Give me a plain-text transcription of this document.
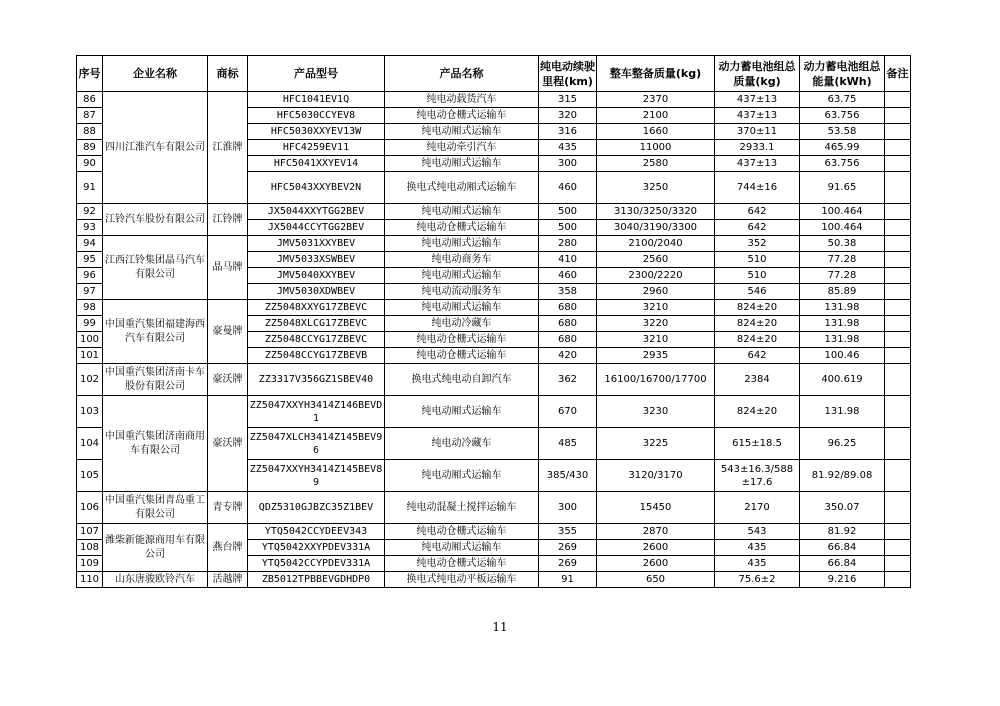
序号	企业名称	商标	产品型号	产品名称	纯电动续驶里程(km)	整车整备质量(kg)	动力蓄电池组总质量(kg)	动力蓄电池组总能量(kWh)	备注
86	四川江淮汽车有限公司	江淮牌	HFC1041EV1Q	纯电动载货汽车	315	2370	437±13	63.75	
87			HFC5030CCYEV8	纯电动仓栅式运输车	320	2100	437±13	63.756	
88			HFC5030XXYEV13W	纯电动厢式运输车	316	1660	370±11	53.58	
89			HFC4259EV11	纯电动牵引汽车	435	11000	2933.1	465.99	
90			HFC5041XXYEV14	纯电动厢式运输车	300	2580	437±13	63.756	
91			HFC5043XXYBEV2N	换电式纯电动厢式运输车	460	3250	744±16	91.65	
92	江铃汽车股份有限公司	江铃牌	JX5044XXYTGG2BEV	纯电动厢式运输车	500	3130/3250/3320	642	100.464	
93			JX5044CCYTGG2BEV	纯电动仓栅式运输车	500	3040/3190/3300	642	100.464	
94	江西江铃集团晶马汽车有限公司	晶马牌	JMV5031XXYBEV	纯电动厢式运输车	280	2100/2040	352	50.38	
95			JMV5033XSWBEV	纯电动商务车	410	2560	510	77.28	
96			JMV5040XXYBEV	纯电动厢式运输车	460	2300/2220	510	77.28	
97			JMV5030XDWBEV	纯电动流动服务车	358	2960	546	85.89	
98	中国重汽集团福建海西汽车有限公司	豪曼牌	ZZ5048XXYG17ZBEVC	纯电动厢式运输车	680	3210	824±20	131.98	
99			ZZ5048XLCG17ZBEVC	纯电动冷藏车	680	3220	824±20	131.98	
100			ZZ5048CCYG17ZBEVC	纯电动仓栅式运输车	680	3210	824±20	131.98	
101			ZZ5048CCYG17ZBEVB	纯电动仓栅式运输车	420	2935	642	100.46	
102	中国重汽集团济南卡车股份有限公司	豪沃牌	ZZ3317V356GZ1SBEV40	换电式纯电动自卸汽车	362	16100/16700/17700	2384	400.619	
103	中国重汽集团济南商用车有限公司	豪沃牌	ZZ5047XXYH3414Z146BEVD1	纯电动厢式运输车	670	3230	824±20	131.98	
104			ZZ5047XLCH3414Z145BEV96	纯电动冷藏车	485	3225	615±18.5	96.25	
105			ZZ5047XXYH3414Z145BEV89	纯电动厢式运输车	385/430	3120/3170	543±16.3/588±17.6	81.92/89.08	
106	中国重汽集团青岛重工有限公司	青专牌	QDZ5310GJBZC35Z1BEV	纯电动混凝土搅拌运输车	300	15450	2170	350.07	
107	潍柴新能源商用车有限公司	燕台牌	YTQ5042CCYDEEV343	纯电动仓栅式运输车	355	2870	543	81.92	
108			YTQ5042XXYPDEV331A	纯电动厢式运输车	269	2600	435	66.84	
109			YTQ5042CCYPDEV331A	纯电动仓栅式运输车	269	2600	435	66.84	
110	山东唐骏欧铃汽车	活越牌	ZB5012TPBBEVGDHDP0	换电式纯电动平板运输车	91	650	75.6±2	9.216	
11
